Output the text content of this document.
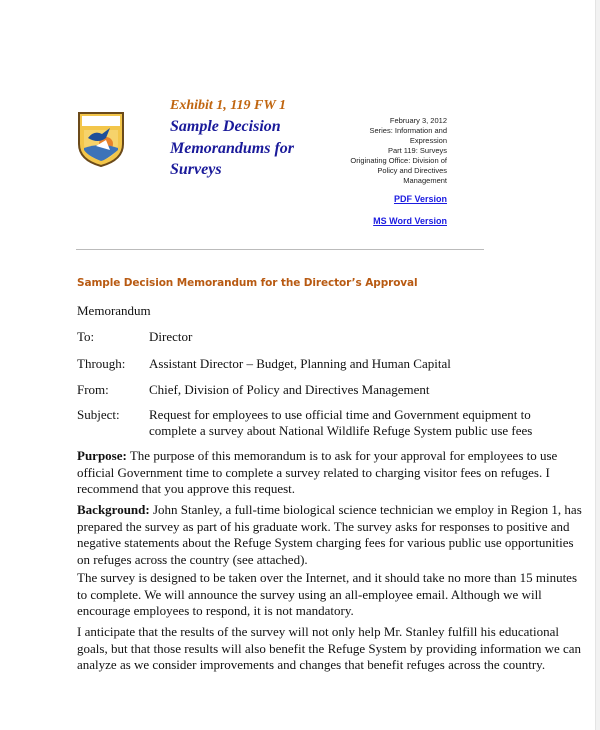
Exhibit 1, 119 FW 1
Sample Decision
Memorandums for
Surveys
February 3, 2012
Series: Information and
Expression
Part 119: Surveys
Originating Office: Division of
Policy and Directives
Management
PDF Version
MS Word Version
Sample Decision Memorandum for the Director’s Approval
Memorandum
To:	Director
Through: Assistant Director – Budget, Planning and Human Capital
From:	Chief, Division of Policy and Directives Management
Subject: Request for employees to use official time and Government equipment to
complete a survey about National Wildlife Refuge System public use fees
Purpose: The purpose of this memorandum is to ask for your approval for employees to use
official Government time to complete a survey related to charging visitor fees on refuges. I
recommend that you approve this request.
Background: John Stanley, a full-time biological science technician we employ in Region 1, has
prepared the survey as part of his graduate work. The survey asks for responses to positive and
negative statements about the Refuge System charging fees for various public use opportunities
on refuges across the country (see attached).
The survey is designed to be taken over the Internet, and it should take no more than 15 minutes
to complete. We will announce the survey using an all-employee email. Although we will
encourage employees to respond, it is not mandatory.
I anticipate that the results of the survey will not only help Mr. Stanley fulfill his educational
goals, but that those results will also benefit the Refuge System by providing information we can
analyze as we consider improvements and changes that benefit refuges across the country.
